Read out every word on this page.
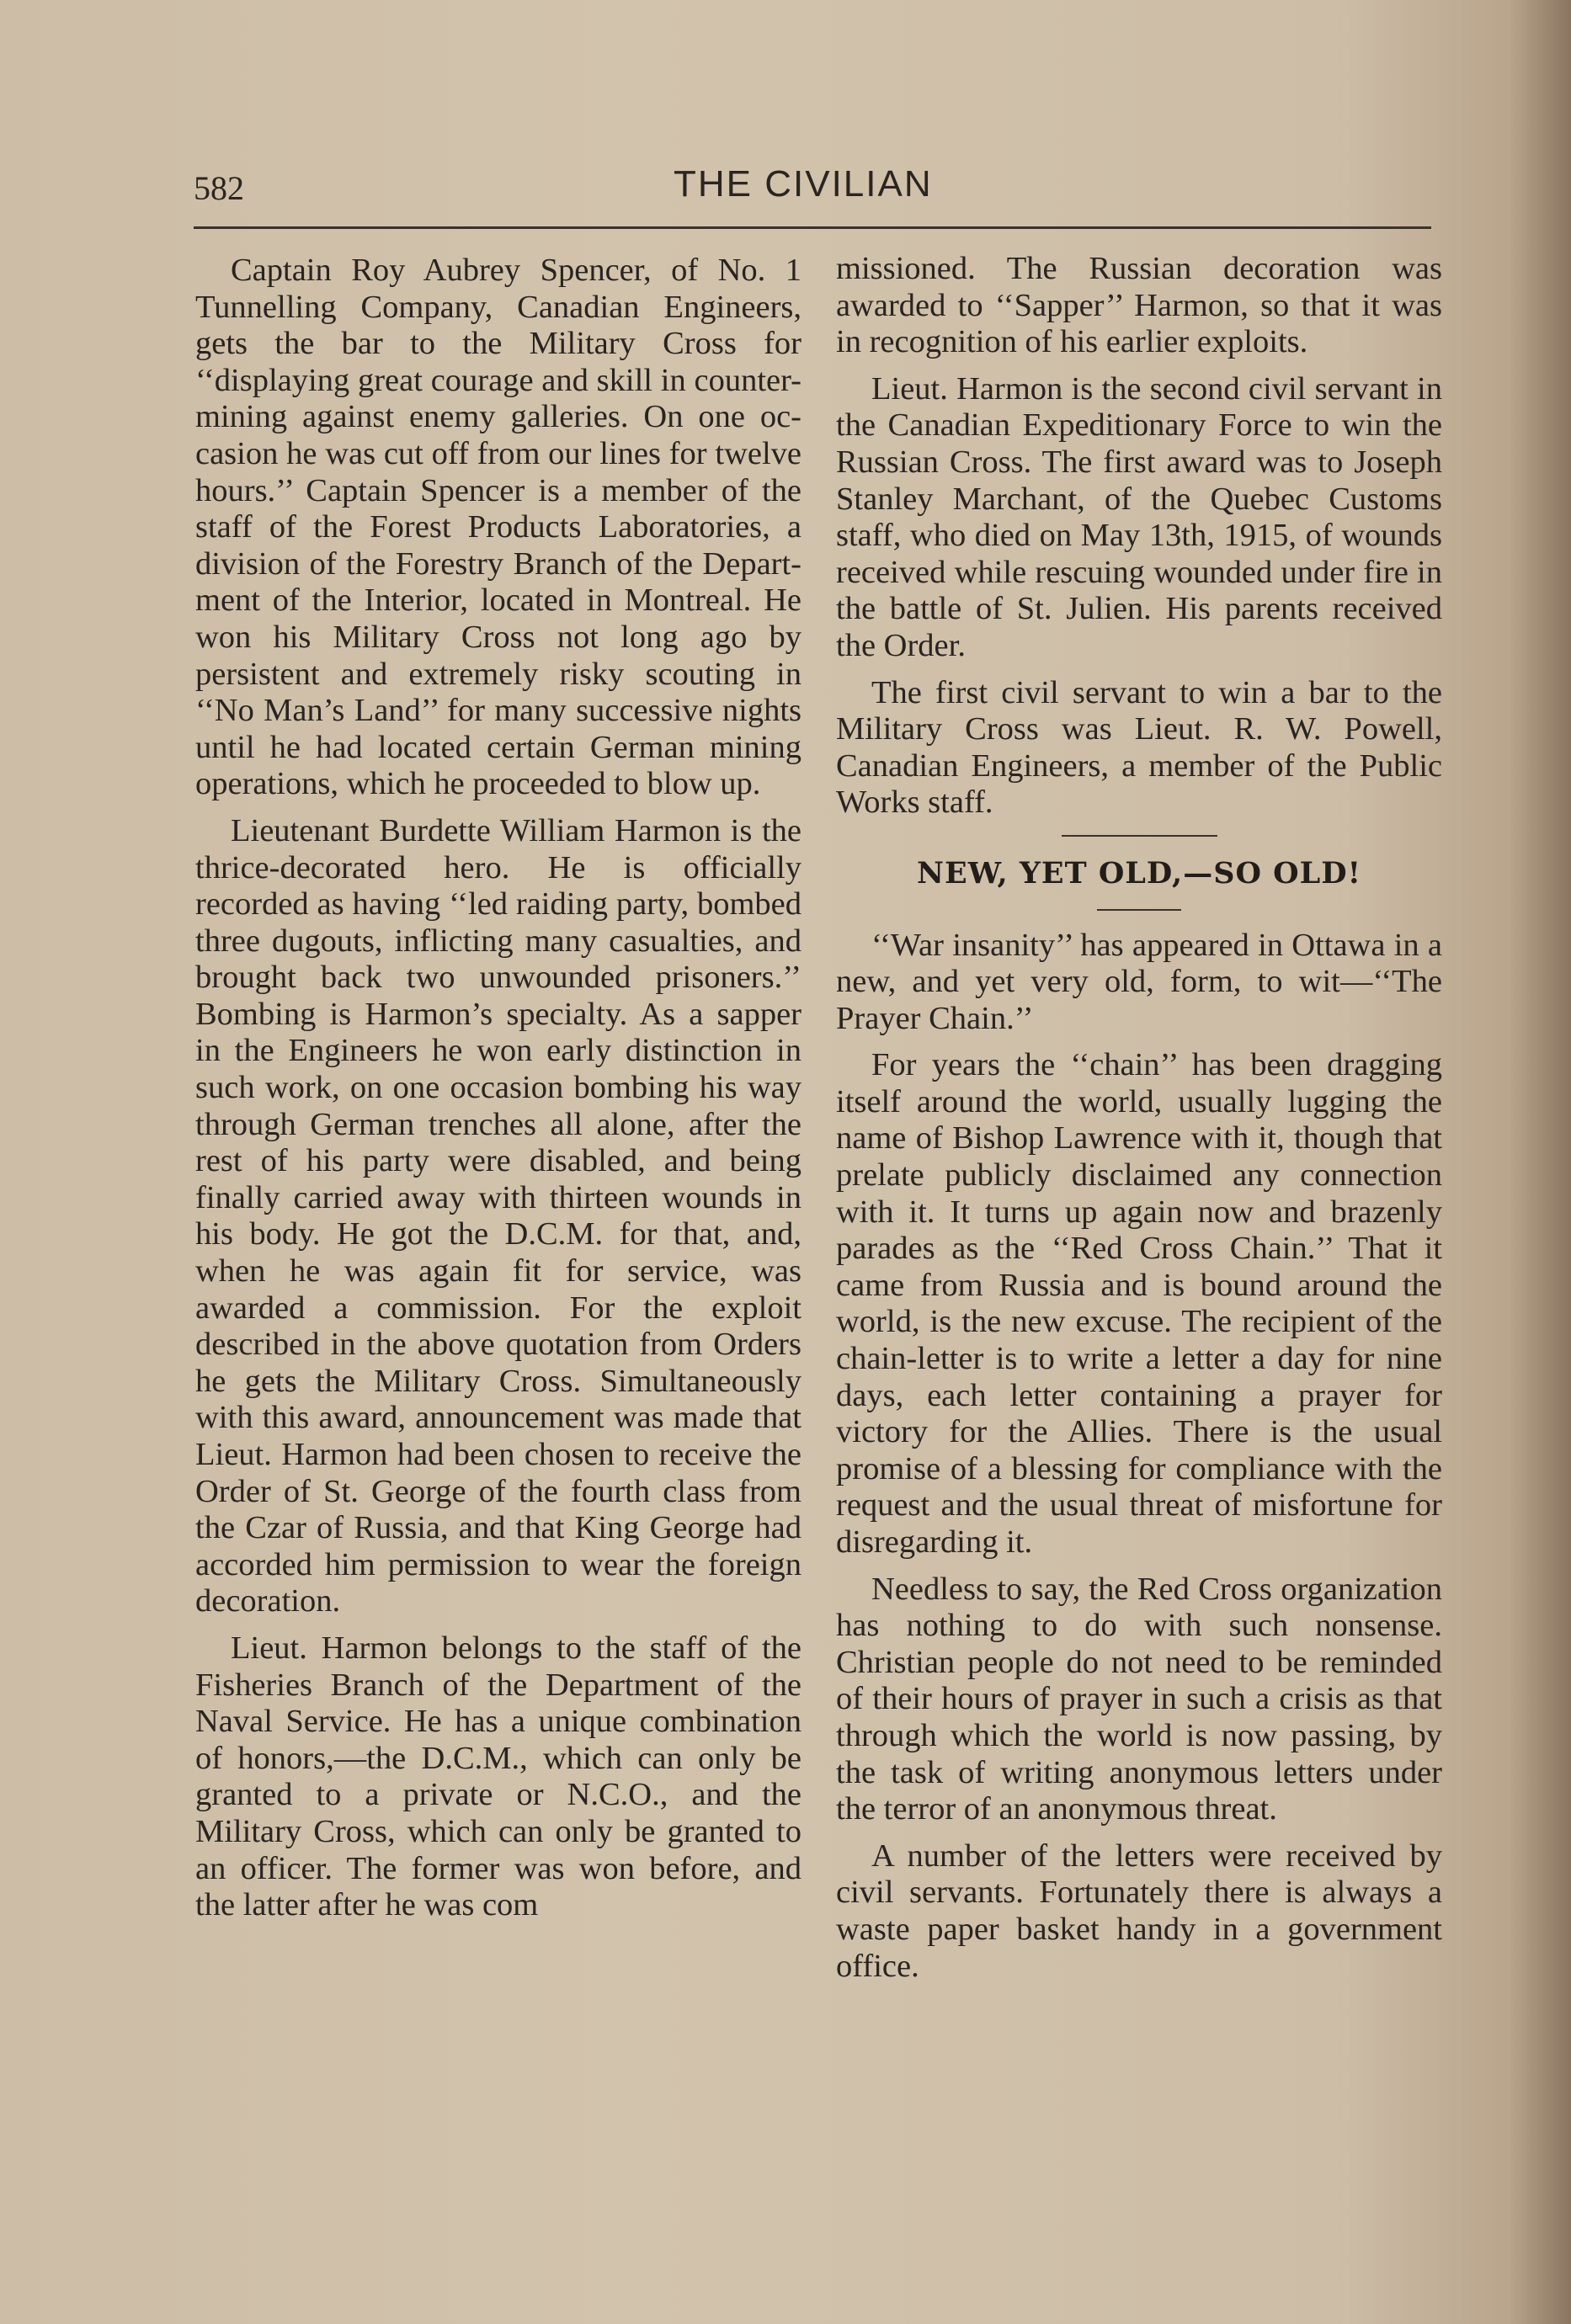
582	THE CIVILIAN

Captain Roy Aubrey Spencer, of No. 1 Tunnelling Company, Canadian Engineers, gets the bar to the Military Cross for ‘‘displaying great courage and skill in counter-mining against enemy galleries. On one occasion he was cut off from our lines for twelve hours.’’ Captain Spencer is a member of the staff of the Forest Products Laboratories, a division of the Forestry Branch of the Department of the Interior, located in Montreal. He won his Military Cross not long ago by persistent and extremely risky scouting in ‘‘No Man’s Land’’ for many successive nights until he had located certain German mining operations, which he proceeded to blow up.

Lieutenant Burdette William Harmon is the thrice-decorated hero. He is officially recorded as having ‘‘led raiding party, bombed three dugouts, inflicting many casualties, and brought back two unwounded prisoners.’’ Bombing is Harmon’s specialty. As a sapper in the Engineers he won early distinction in such work, on one occasion bombing his way through German trenches all alone, after the rest of his party were disabled, and being finally carried away with thirteen wounds in his body. He got the D.C.M. for that, and, when he was again fit for service, was awarded a commission. For the exploit described in the above quotation from Orders he gets the Military Cross. Simultaneously with this award, announcement was made that Lieut. Harmon had been chosen to receive the Order of St. George of the fourth class from the Czar of Russia, and that King George had accorded him permission to wear the foreign decoration.

Lieut. Harmon belongs to the staff of the Fisheries Branch of the Department of the Naval Service. He has a unique combination of honors,—the D.C.M., which can only be granted to a private or N.C.O., and the Military Cross, which can only be granted to an officer. The former was won before, and the latter after he was com

missioned. The Russian decoration was awarded to ‘‘Sapper’’ Harmon, so that it was in recognition of his earlier exploits.

Lieut. Harmon is the second civil servant in the Canadian Expeditionary Force to win the Russian Cross. The first award was to Joseph Stanley Marchant, of the Quebec Customs staff, who died on May 13th, 1915, of wounds received while rescuing wounded under fire in the battle of St. Julien. His parents received the Order.

The first civil servant to win a bar to the Military Cross was Lieut. R. W. Powell, Canadian Engineers, a member of the Public Works staff.

NEW, YET OLD,—SO OLD!

‘‘War insanity’’ has appeared in Ottawa in a new, and yet very old, form, to wit—‘‘The Prayer Chain.’’

For years the ‘‘chain’’ has been dragging itself around the world, usually lugging the name of Bishop Lawrence with it, though that prelate publicly disclaimed any connection with it. It turns up again now and brazenly parades as the ‘‘Red Cross Chain.’’ That it came from Russia and is bound around the world, is the new excuse. The recipient of the chain-letter is to write a letter a day for nine days, each letter containing a prayer for victory for the Allies. There is the usual promise of a blessing for compliance with the request and the usual threat of misfortune for disregarding it.

Needless to say, the Red Cross organization has nothing to do with such nonsense. Christian people do not need to be reminded of their hours of prayer in such a crisis as that through which the world is now passing, by the task of writing anonymous letters under the terror of an anonymous threat.

A number of the letters were received by civil servants. Fortunately there is always a waste paper basket handy in a government office.
